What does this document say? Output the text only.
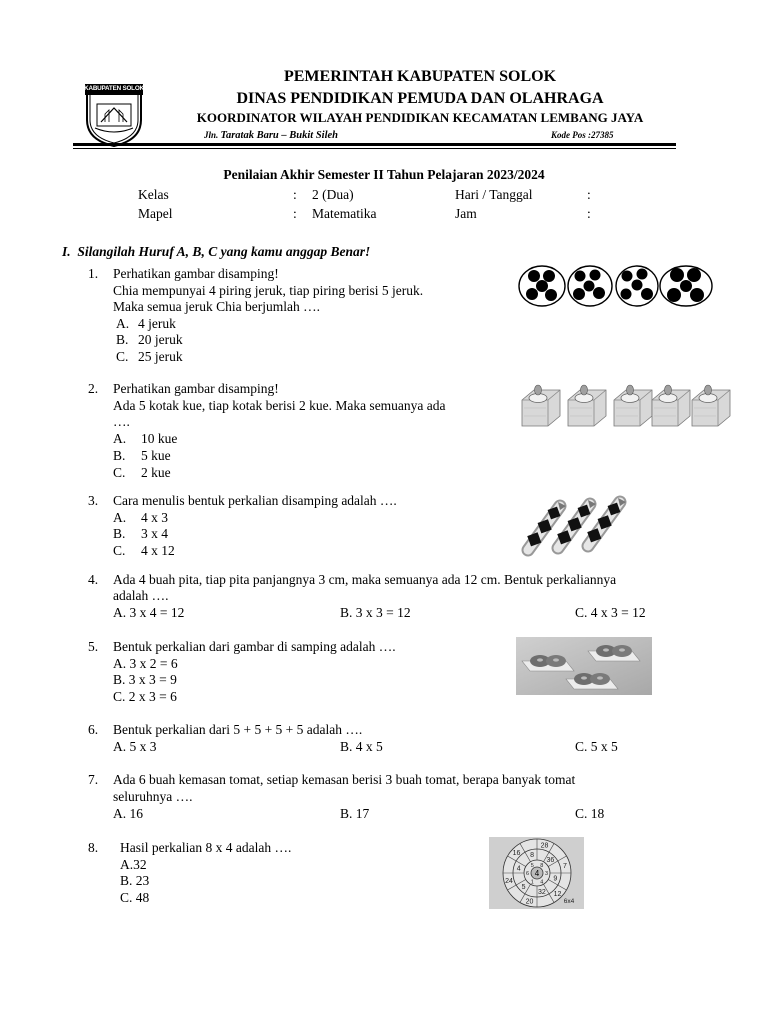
KABUPATEN SOLOK
PEMERINTAH KABUPATEN SOLOK
DINAS PENDIDIKAN PEMUDA DAN OLAHRAGA
KOORDINATOR WILAYAH PENDIDIKAN KECAMATAN LEMBANG JAYA
Jln. Taratak Baru – Bukit Sileh	Kode Pos :27385
Penilaian Akhir Semester II Tahun Pelajaran 2023/2024
Kelas	: 2 (Dua)	Hari / Tanggal	:
Mapel	: Matematika	Jam	:
I. Silangilah Huruf A, B, C yang kamu anggap Benar!
1. Perhatikan gambar disamping!
Chia mempunyai 4 piring jeruk, tiap piring berisi 5 jeruk.
Maka semua jeruk Chia berjumlah ….
A. 4 jeruk
B. 20 jeruk
C. 25 jeruk
2. Perhatikan gambar disamping!
Ada 5 kotak kue, tiap kotak berisi 2 kue. Maka semuanya ada
….
A. 10 kue
B. 5 kue
C. 2 kue
3. Cara menulis bentuk perkalian disamping adalah ….
A. 4 x 3
B. 3 x 4
C. 4 x 12
4. Ada 4 buah pita, tiap pita panjangnya 3 cm, maka semuanya ada 12 cm. Bentuk perkaliannya
adalah ….
A. 3 x 4 = 12	B. 3 x 3 = 12	C. 4 x 3 = 12
5. Bentuk perkalian dari gambar di samping adalah ….
A. 3 x 2 = 6
B. 3 x 3 = 9
C. 2 x 3 = 6
6. Bentuk perkalian dari 5 + 5 + 5 + 5 adalah ….
A. 5 x 3	B. 4 x 5	C. 5 x 5
7. Ada 6 buah kemasan tomat, setiap kemasan berisi 3 buah tomat, berapa banyak tomat
seluruhnya ….
A. 16	B. 17	C. 18
8. Hasil perkalian 8 x 4 adalah ….
A.32
B. 23
C. 48
28
36
7
9
12
32
20
5
24
4
16 8
8
3
4
1
6
5
4
6x4
